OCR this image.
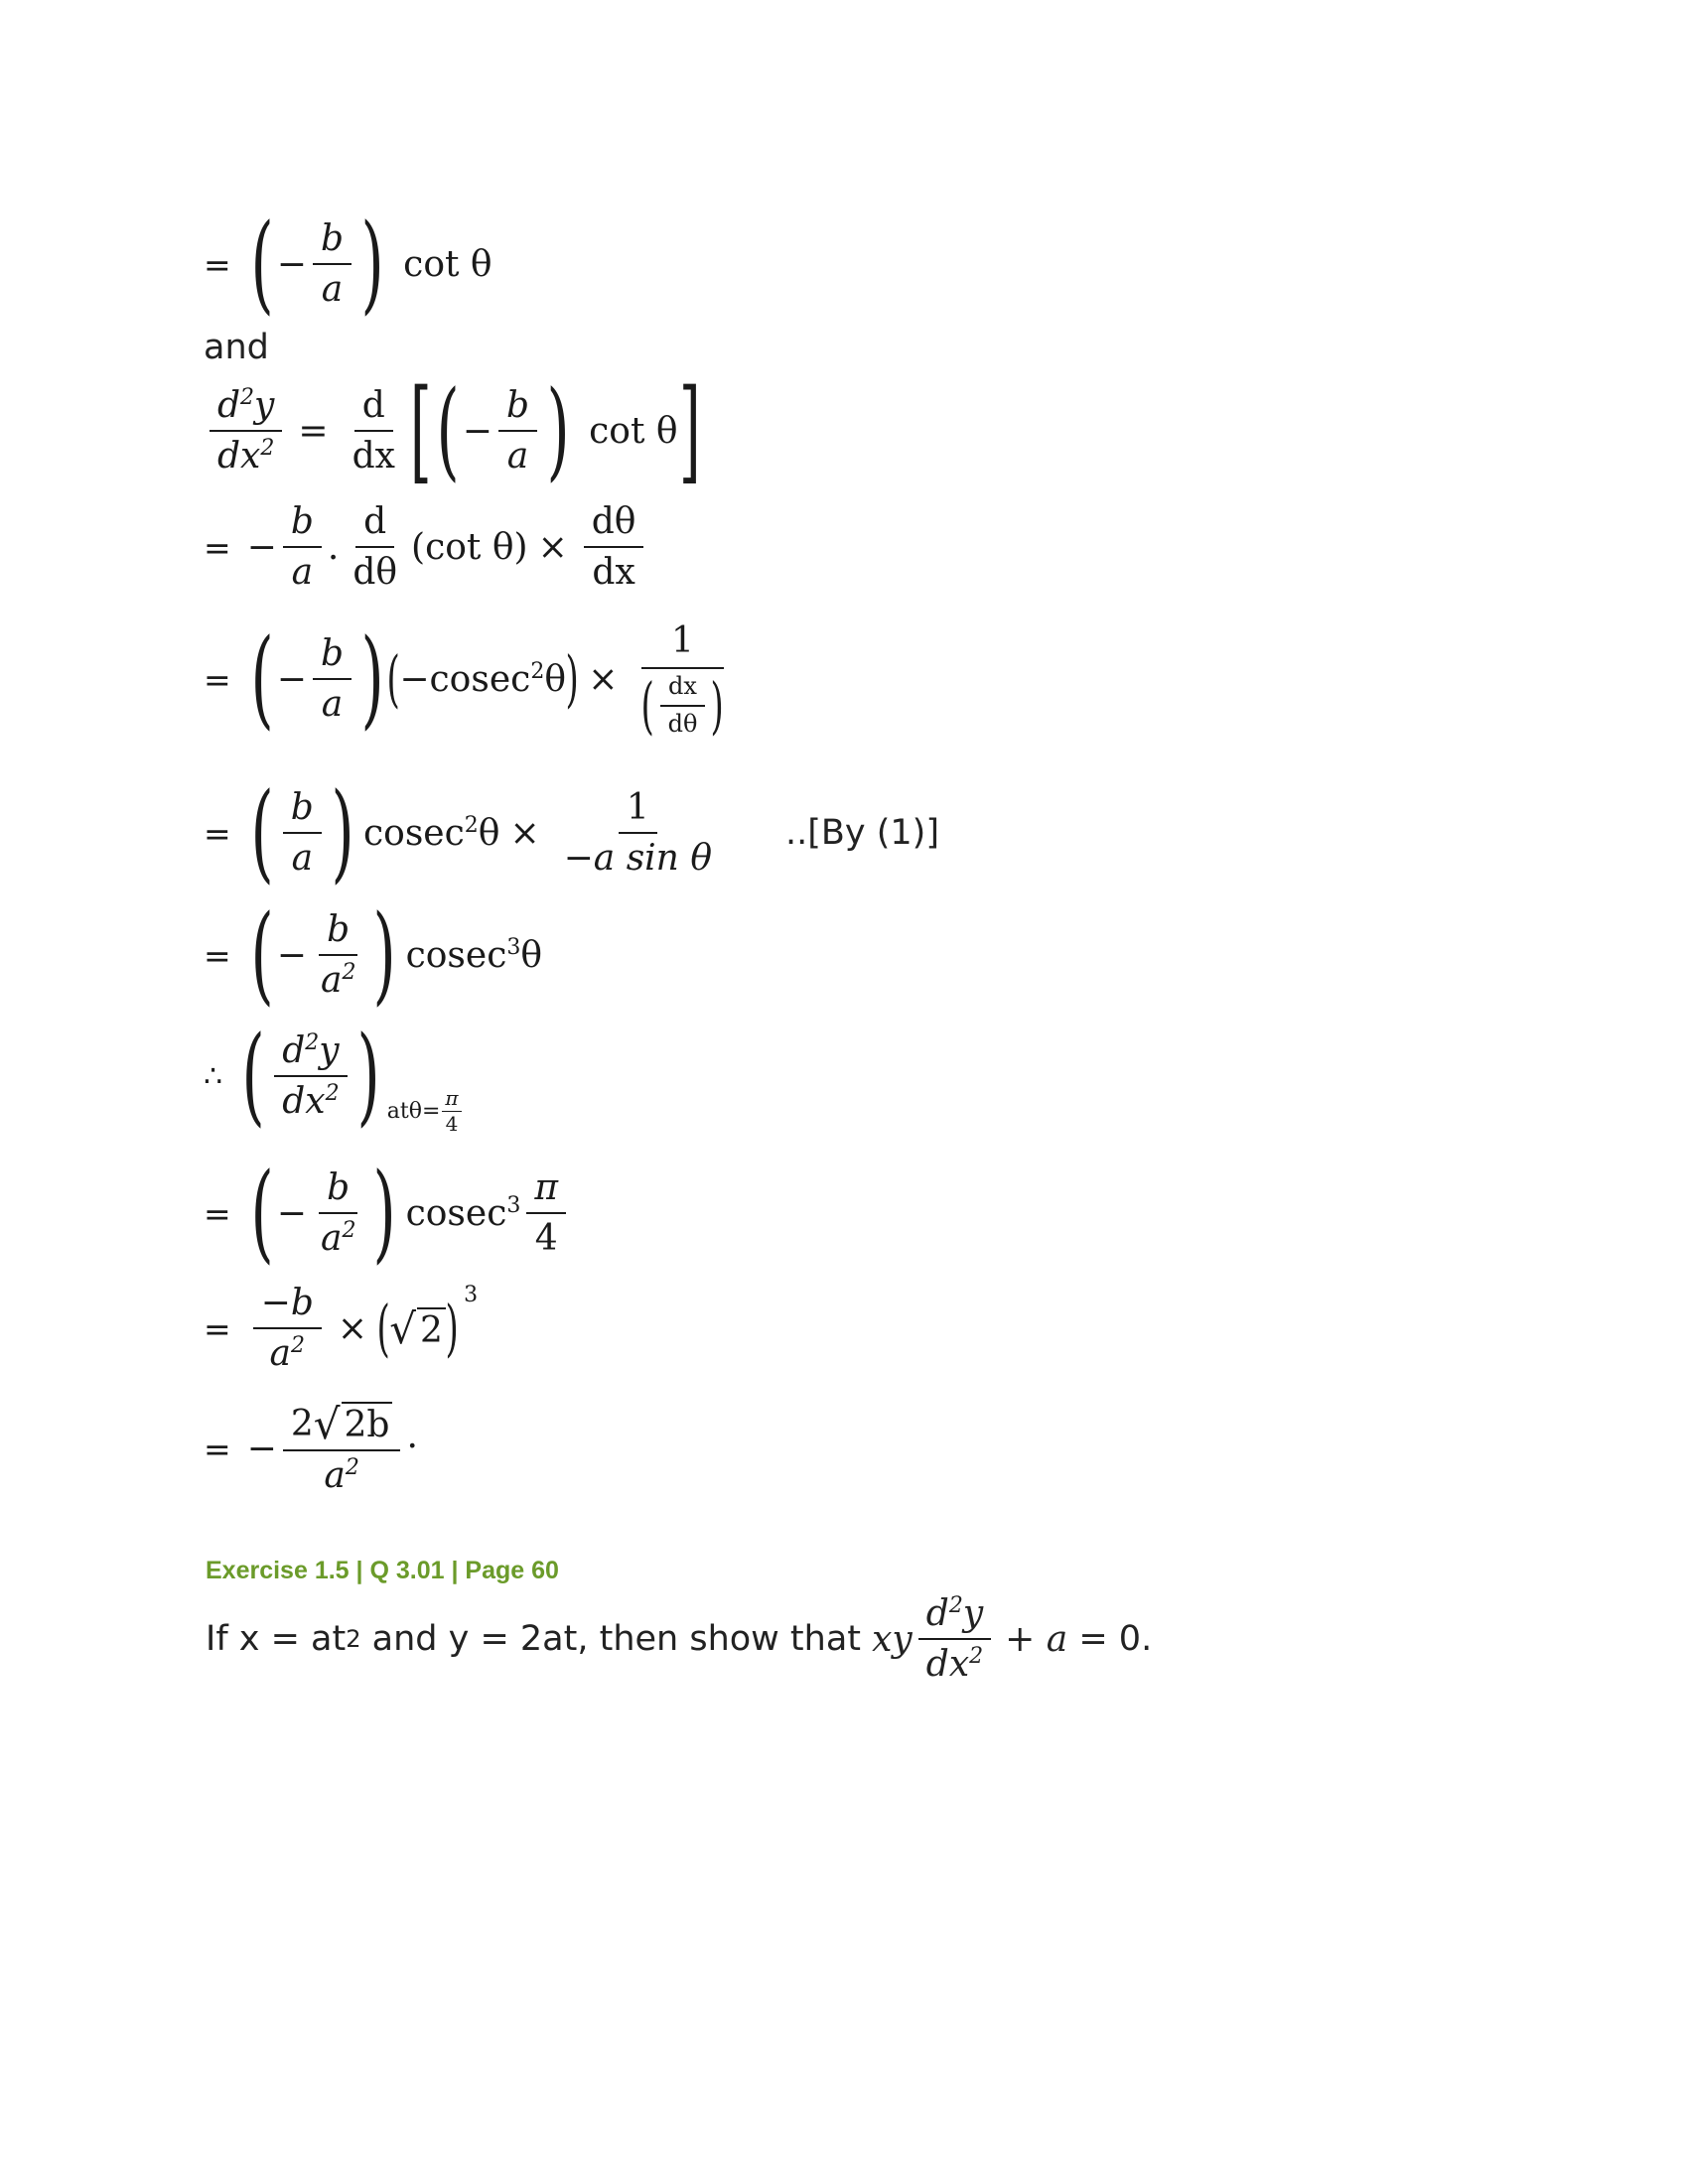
= ( − $\frac{b}{a}$ ) cot θ
and
$\frac{d^2y}{dx^2} = \frac{d}{dx}$ [ ( − $\frac{b}{a}$ ) cot θ ]
= − $\frac{b}{a}$ . $\frac{d}{d\theta} (\cot$ $\theta) \times \frac{d\theta}{dx}$
= ( − $\frac{b}{a}$ ) ( −cosec$^2$θ ) × $\frac{1}{( \frac{dx}{d\theta} )}$
= ( $\frac{b}{a}$ ) $cosec^2\theta \times \frac{1}{\text{−a sin θ}} ..[By$ (1)]
= ( − $\frac{b}{a^2}$ ) cosec$^3$θ
∴ ( $\frac{d^2y}{dx^2}$ ) $at\theta= \frac{\pi}{4}$
= ( − $\frac{b}{a^2}$ ) $cosec^3 \frac{\pi}{4}$
= $\frac{-b}{a^2}$ × ( √ 2 ) 3
= − $\frac{2 √ 2b}{a^2}$ .
Exercise 1.5 | Q 3.01 | Page 60
If x = at 2 and y = 2at, then show that xy $\frac{d^2y}{dx^2} + a = 0$.
